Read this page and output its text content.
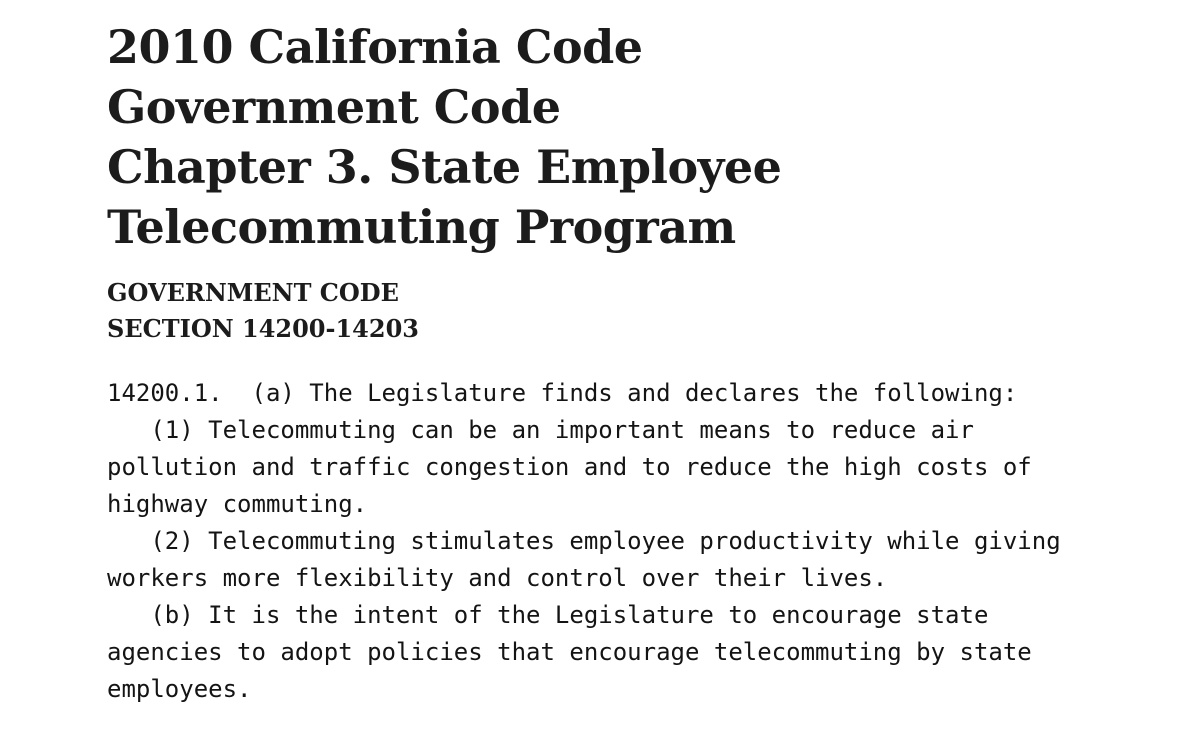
2010 California Code
Government Code
Chapter 3. State Employee
Telecommuting Program
GOVERNMENT CODE
SECTION 14200-14203
14200.1.  (a) The Legislature finds and declares the following:
(1) Telecommuting can be an important means to reduce air
pollution and traffic congestion and to reduce the high costs of
highway commuting.
(2) Telecommuting stimulates employee productivity while giving
workers more flexibility and control over their lives.
(b) It is the intent of the Legislature to encourage state
agencies to adopt policies that encourage telecommuting by state
employees.
